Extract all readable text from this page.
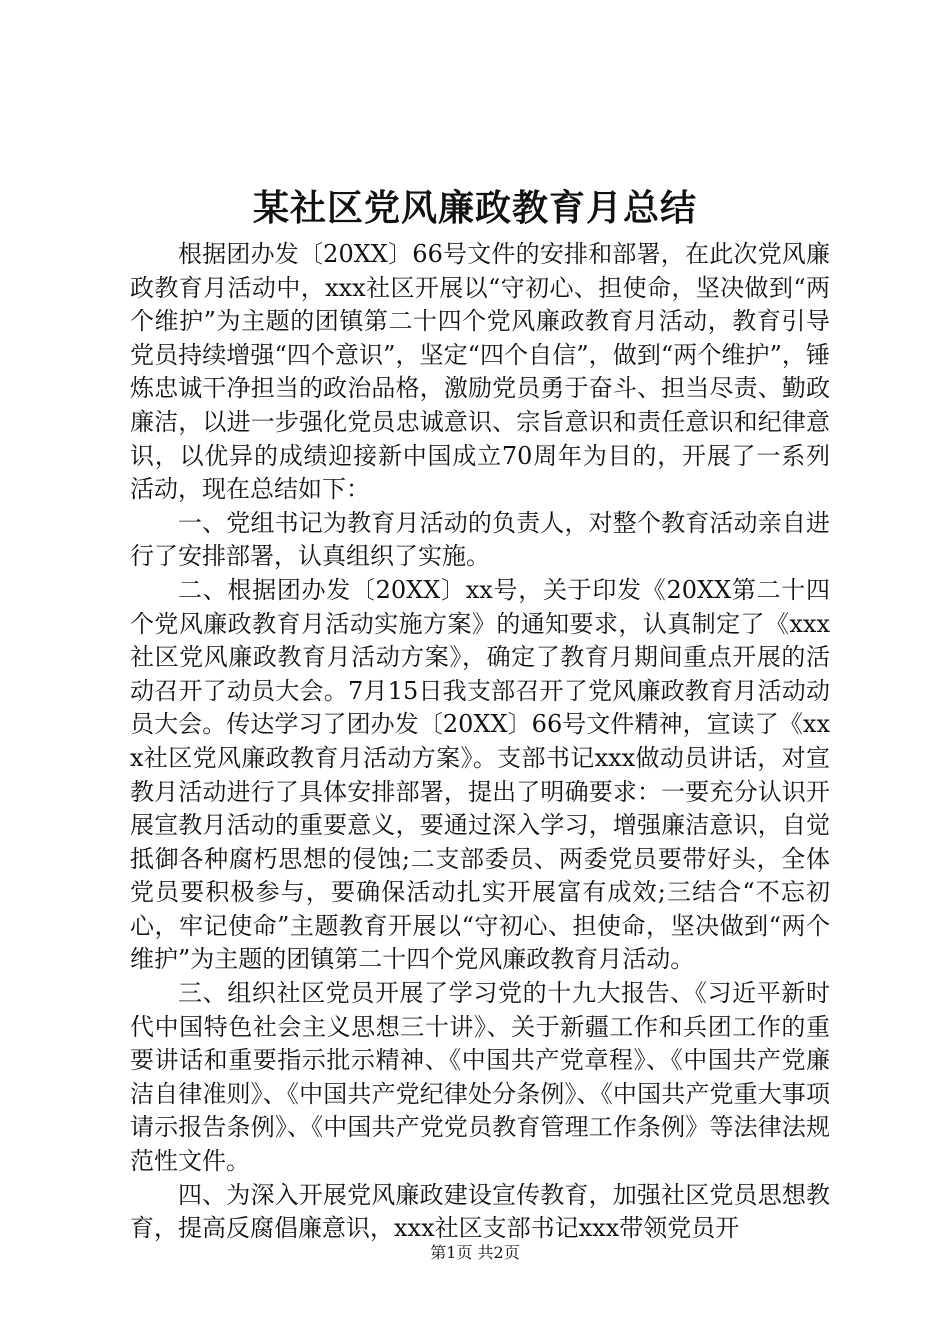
某社区党风廉政教育月总结

根据团办发〔20XX〕66号文件的安排和部署，在此次党风廉政教育月活动中，xxx社区开展以“守初心、担使命，坚决做到“两个维护”为主题的团镇第二十四个党风廉政教育月活动，教育引导党员持续增强“四个意识”，坚定“四个自信”，做到“两个维护”，锤炼忠诚干净担当的政治品格，激励党员勇于奋斗、担当尽责、勤政廉洁，以进一步强化党员忠诚意识、宗旨意识和责任意识和纪律意识，以优异的成绩迎接新中国成立70周年为目的，开展了一系列活动，现在总结如下：

一、党组书记为教育月活动的负责人，对整个教育活动亲自进行了安排部署，认真组织了实施。

二、根据团办发〔20XX〕xx号，关于印发《20XX第二十四个党风廉政教育月活动实施方案》的通知要求，认真制定了《xxx社区党风廉政教育月活动方案》，确定了教育月期间重点开展的活动召开了动员大会。7月15日我支部召开了党风廉政教育月活动动员大会。传达学习了团办发〔20XX〕66号文件精神，宣读了《xxx社区党风廉政教育月活动方案》。支部书记xxx做动员讲话，对宣教月活动进行了具体安排部署，提出了明确要求：一要充分认识开展宣教月活动的重要意义，要通过深入学习，增强廉洁意识，自觉抵御各种腐朽思想的侵蚀;二支部委员、两委党员要带好头，全体党员要积极参与，要确保活动扎实开展富有成效;三结合“不忘初心，牢记使命”主题教育开展以“守初心、担使命，坚决做到“两个维护”为主题的团镇第二十四个党风廉政教育月活动。

三、组织社区党员开展了学习党的十九大报告、《习近平新时代中国特色社会主义思想三十讲》、关于新疆工作和兵团工作的重要讲话和重要指示批示精神、《中国共产党章程》、《中国共产党廉洁自律准则》、《中国共产党纪律处分条例》、《中国共产党重大事项请示报告条例》、《中国共产党党员教育管理工作条例》等法律法规范性文件。

四、为深入开展党风廉政建设宣传教育，加强社区党员思想教育，提高反腐倡廉意识，xxx社区支部书记xxx带领党员开

第1页 共2页
